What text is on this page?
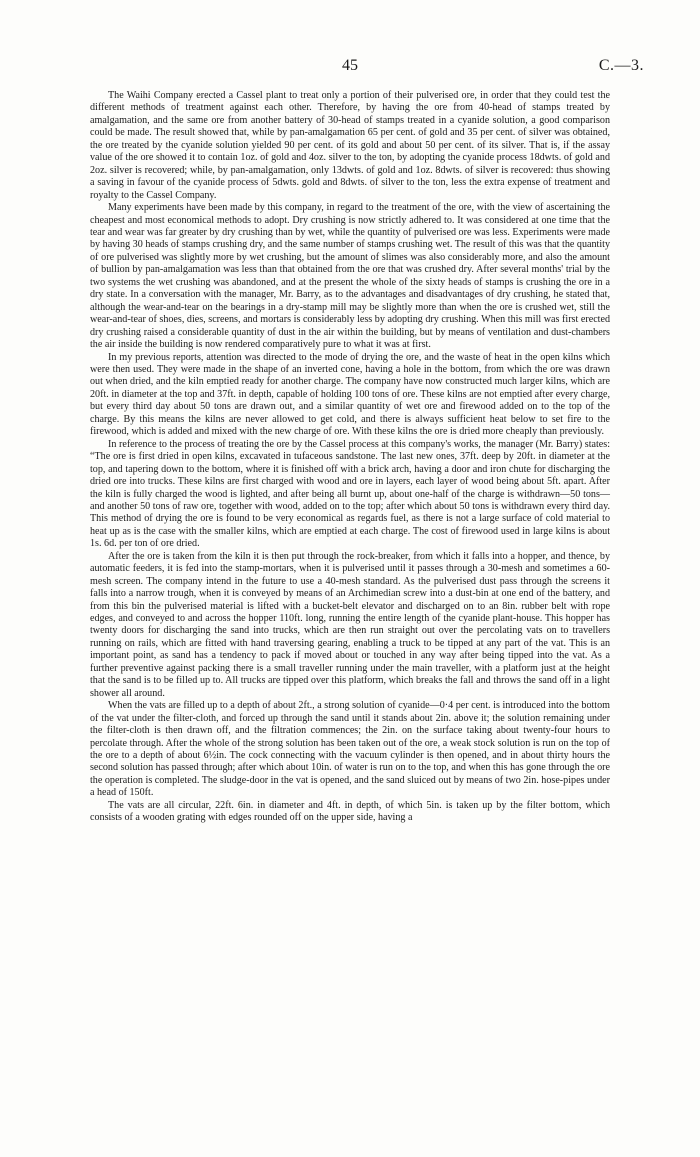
45	C.—3.

The Waihi Company erected a Cassel plant to treat only a portion of their pulverised ore, in order that they could test the different methods of treatment against each other. Therefore, by having the ore from 40-head of stamps treated by amalgamation, and the same ore from another battery of 30-head of stamps treated in a cyanide solution, a good comparison could be made. The result showed that, while by pan-amalgamation 65 per cent. of gold and 35 per cent. of silver was obtained, the ore treated by the cyanide solution yielded 90 per cent. of its gold and about 50 per cent. of its silver. That is, if the assay value of the ore showed it to contain 1oz. of gold and 4oz. silver to the ton, by adopting the cyanide process 18dwts. of gold and 2oz. silver is recovered; while, by pan-amalgamation, only 13dwts. of gold and 1oz. 8dwts. of silver is recovered: thus showing a saving in favour of the cyanide process of 5dwts. gold and 8dwts. of silver to the ton, less the extra expense of treatment and royalty to the Cassel Company.

Many experiments have been made by this company, in regard to the treatment of the ore, with the view of ascertaining the cheapest and most economical methods to adopt. Dry crushing is now strictly adhered to. It was considered at one time that the tear and wear was far greater by dry crushing than by wet, while the quantity of pulverised ore was less. Experiments were made by having 30 heads of stamps crushing dry, and the same number of stamps crushing wet. The result of this was that the quantity of ore pulverised was slightly more by wet crushing, but the amount of slimes was also considerably more, and also the amount of bullion by pan-amalgamation was less than that obtained from the ore that was crushed dry. After several months' trial by the two systems the wet crushing was abandoned, and at the present the whole of the sixty heads of stamps is crushing the ore in a dry state. In a conversation with the manager, Mr. Barry, as to the advantages and disadvantages of dry crushing, he stated that, although the wear-and-tear on the bearings in a dry-stamp mill may be slightly more than when the ore is crushed wet, still the wear-and-tear of shoes, dies, screens, and mortars is considerably less by adopting dry crushing. When this mill was first erected dry crushing raised a considerable quantity of dust in the air within the building, but by means of ventilation and dust-chambers the air inside the building is now rendered comparatively pure to what it was at first.

In my previous reports, attention was directed to the mode of drying the ore, and the waste of heat in the open kilns which were then used. They were made in the shape of an inverted cone, having a hole in the bottom, from which the ore was drawn out when dried, and the kiln emptied ready for another charge. The company have now constructed much larger kilns, which are 20ft. in diameter at the top and 37ft. in depth, capable of holding 100 tons of ore. These kilns are not emptied after every charge, but every third day about 50 tons are drawn out, and a similar quantity of wet ore and firewood added on to the top of the charge. By this means the kilns are never allowed to get cold, and there is always sufficient heat below to set fire to the firewood, which is added and mixed with the new charge of ore. With these kilns the ore is dried more cheaply than previously.

In reference to the process of treating the ore by the Cassel process at this company's works, the manager (Mr. Barry) states: “The ore is first dried in open kilns, excavated in tufaceous sandstone. The last new ones, 37ft. deep by 20ft. in diameter at the top, and tapering down to the bottom, where it is finished off with a brick arch, having a door and iron chute for discharging the dried ore into trucks. These kilns are first charged with wood and ore in layers, each layer of wood being about 5ft. apart. After the kiln is fully charged the wood is lighted, and after being all burnt up, about one-half of the charge is withdrawn—50 tons—and another 50 tons of raw ore, together with wood, added on to the top; after which about 50 tons is withdrawn every third day. This method of drying the ore is found to be very economical as regards fuel, as there is not a large surface of cold material to heat up as is the case with the smaller kilns, which are emptied at each charge. The cost of firewood used in large kilns is about 1s. 6d. per ton of ore dried.

After the ore is taken from the kiln it is then put through the rock-breaker, from which it falls into a hopper, and thence, by automatic feeders, it is fed into the stamp-mortars, when it is pulverised until it passes through a 30-mesh and sometimes a 60-mesh screen. The company intend in the future to use a 40-mesh standard. As the pulverised dust pass through the screens it falls into a narrow trough, when it is conveyed by means of an Archimedian screw into a dust-bin at one end of the battery, and from this bin the pulverised material is lifted with a bucket-belt elevator and discharged on to an 8in. rubber belt with rope edges, and conveyed to and across the hopper 110ft. long, running the entire length of the cyanide plant-house. This hopper has twenty doors for discharging the sand into trucks, which are then run straight out over the percolating vats on to travellers running on rails, which are fitted with hand traversing gearing, enabling a truck to be tipped at any part of the vat. This is an important point, as sand has a tendency to pack if moved about or touched in any way after being tipped into the vat. As a further preventive against packing there is a small traveller running under the main traveller, with a platform just at the height that the sand is to be filled up to. All trucks are tipped over this platform, which breaks the fall and throws the sand off in a light shower all around.

When the vats are filled up to a depth of about 2ft., a strong solution of cyanide—0·4 per cent. is introduced into the bottom of the vat under the filter-cloth, and forced up through the sand until it stands about 2in. above it; the solution remaining under the filter-cloth is then drawn off, and the filtration commences; the 2in. on the surface taking about twenty-four hours to percolate through. After the whole of the strong solution has been taken out of the ore, a weak stock solution is run on the top of the ore to a depth of about 6½in. The cock connecting with the vacuum cylinder is then opened, and in about thirty hours the second solution has passed through; after which about 10in. of water is run on to the top, and when this has gone through the ore the operation is completed. The sludge-door in the vat is opened, and the sand sluiced out by means of two 2in. hose-pipes under a head of 150ft.

The vats are all circular, 22ft. 6in. in diameter and 4ft. in depth, of which 5in. is taken up by the filter bottom, which consists of a wooden grating with edges rounded off on the upper side, having a
